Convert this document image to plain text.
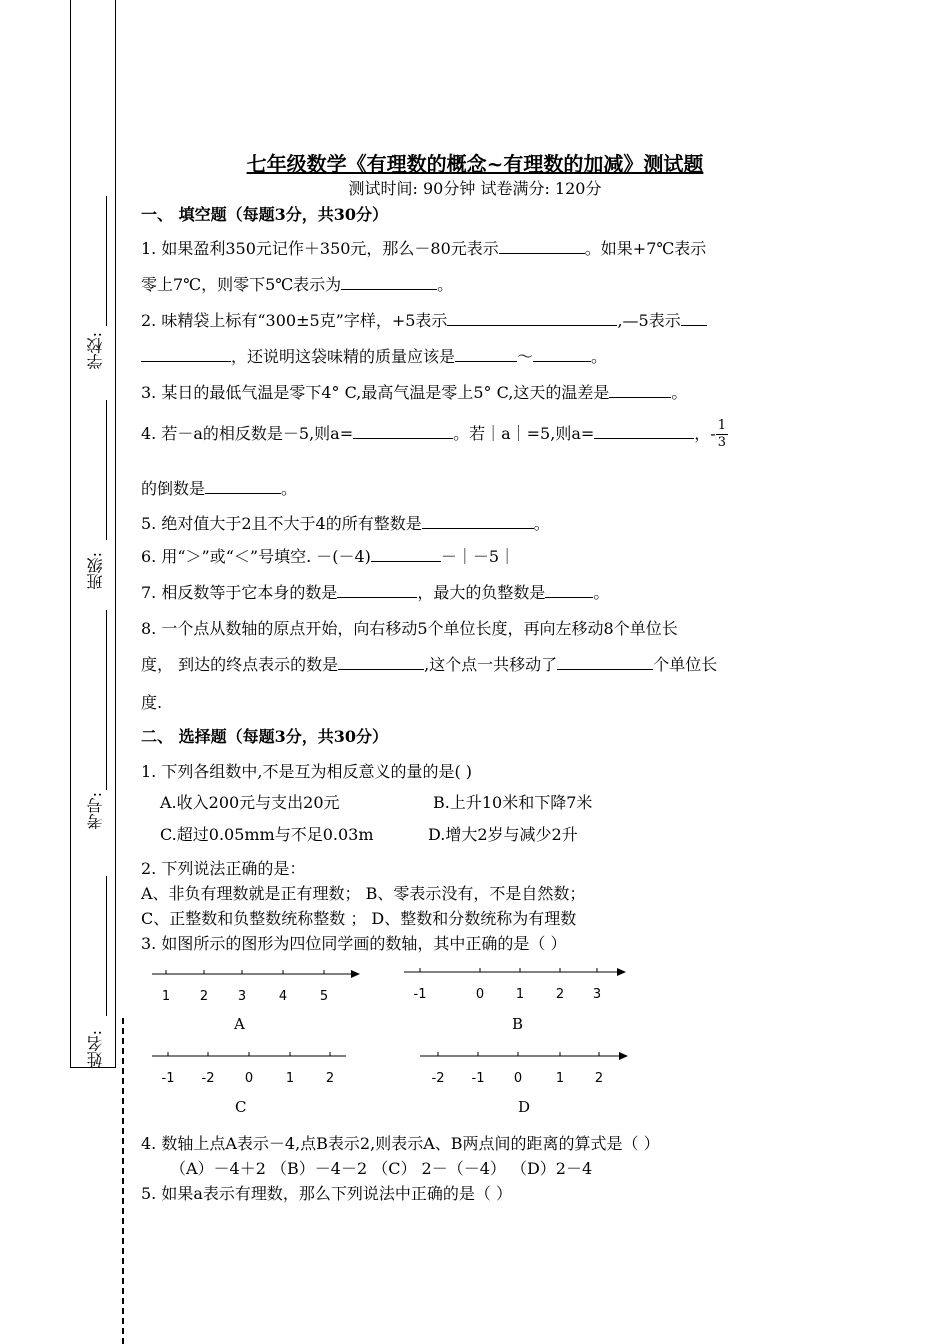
学校:
班级:
考号:
姓名:
七年级数学《有理数的概念~有理数的加减》测试题
测试时间: 90分钟 试卷满分: 120分
一、 填空题（每题3分，共30分）
1. 如果盈利350元记作＋350元，那么－80元表示	。如果+7℃表示
零上7℃，则零下5℃表示为	。
2. 味精袋上标有“300±5克”字样，+5表示	,—5表示
，还说明这袋味精的质量应该是	～	。
3. 某日的最低气温是零下4° C,最高气温是零上5° C,这天的温差是	。
4. 若－a的相反数是－5,则a=	。若｜a｜=5,则a=	，- $\frac{1}{3}$
的倒数是	。
5. 绝对值大于2且不大于4的所有整数是	。
6. 用“＞”或“＜”号填空. －(－4)	－｜－5｜
7. 相反数等于它本身的数是	，最大的负整数是	。
8. 一个点从数轴的原点开始，向右移动5个单位长度，再向左移动8个单位长
度， 到达的终点表示的数是	,这个点一共移动了	个单位长
度.
二、 选择题（每题3分，共30分）
1. 下列各组数中,不是互为相反意义的量的是( )
A.收入200元与支出20元	B.上升10米和下降7米
C.超过0.05mm与不足0.03m	D.增大2岁与减少2升
2. 下列说法正确的是：
A、非负有理数就是正有理数； B、零表示没有，不是自然数；
C、正整数和负整数统称整数 ； D、整数和分数统称为有理数
3. 如图所示的图形为四位同学画的数轴，其中正确的是（ ）
1 2 3	4	5
A
-1	0 1 2 3
B
-1 -2 0	1 2
C
-2 -1 0	1 2
D
4. 数轴上点A表示－4,点B表示2,则表示A、B两点间的距离的算式是（ ）
（A）－4＋2 （B）－4－2 （C） 2－（－4） （D）2－4
5. 如果a表示有理数，那么下列说法中正确的是（ ）
